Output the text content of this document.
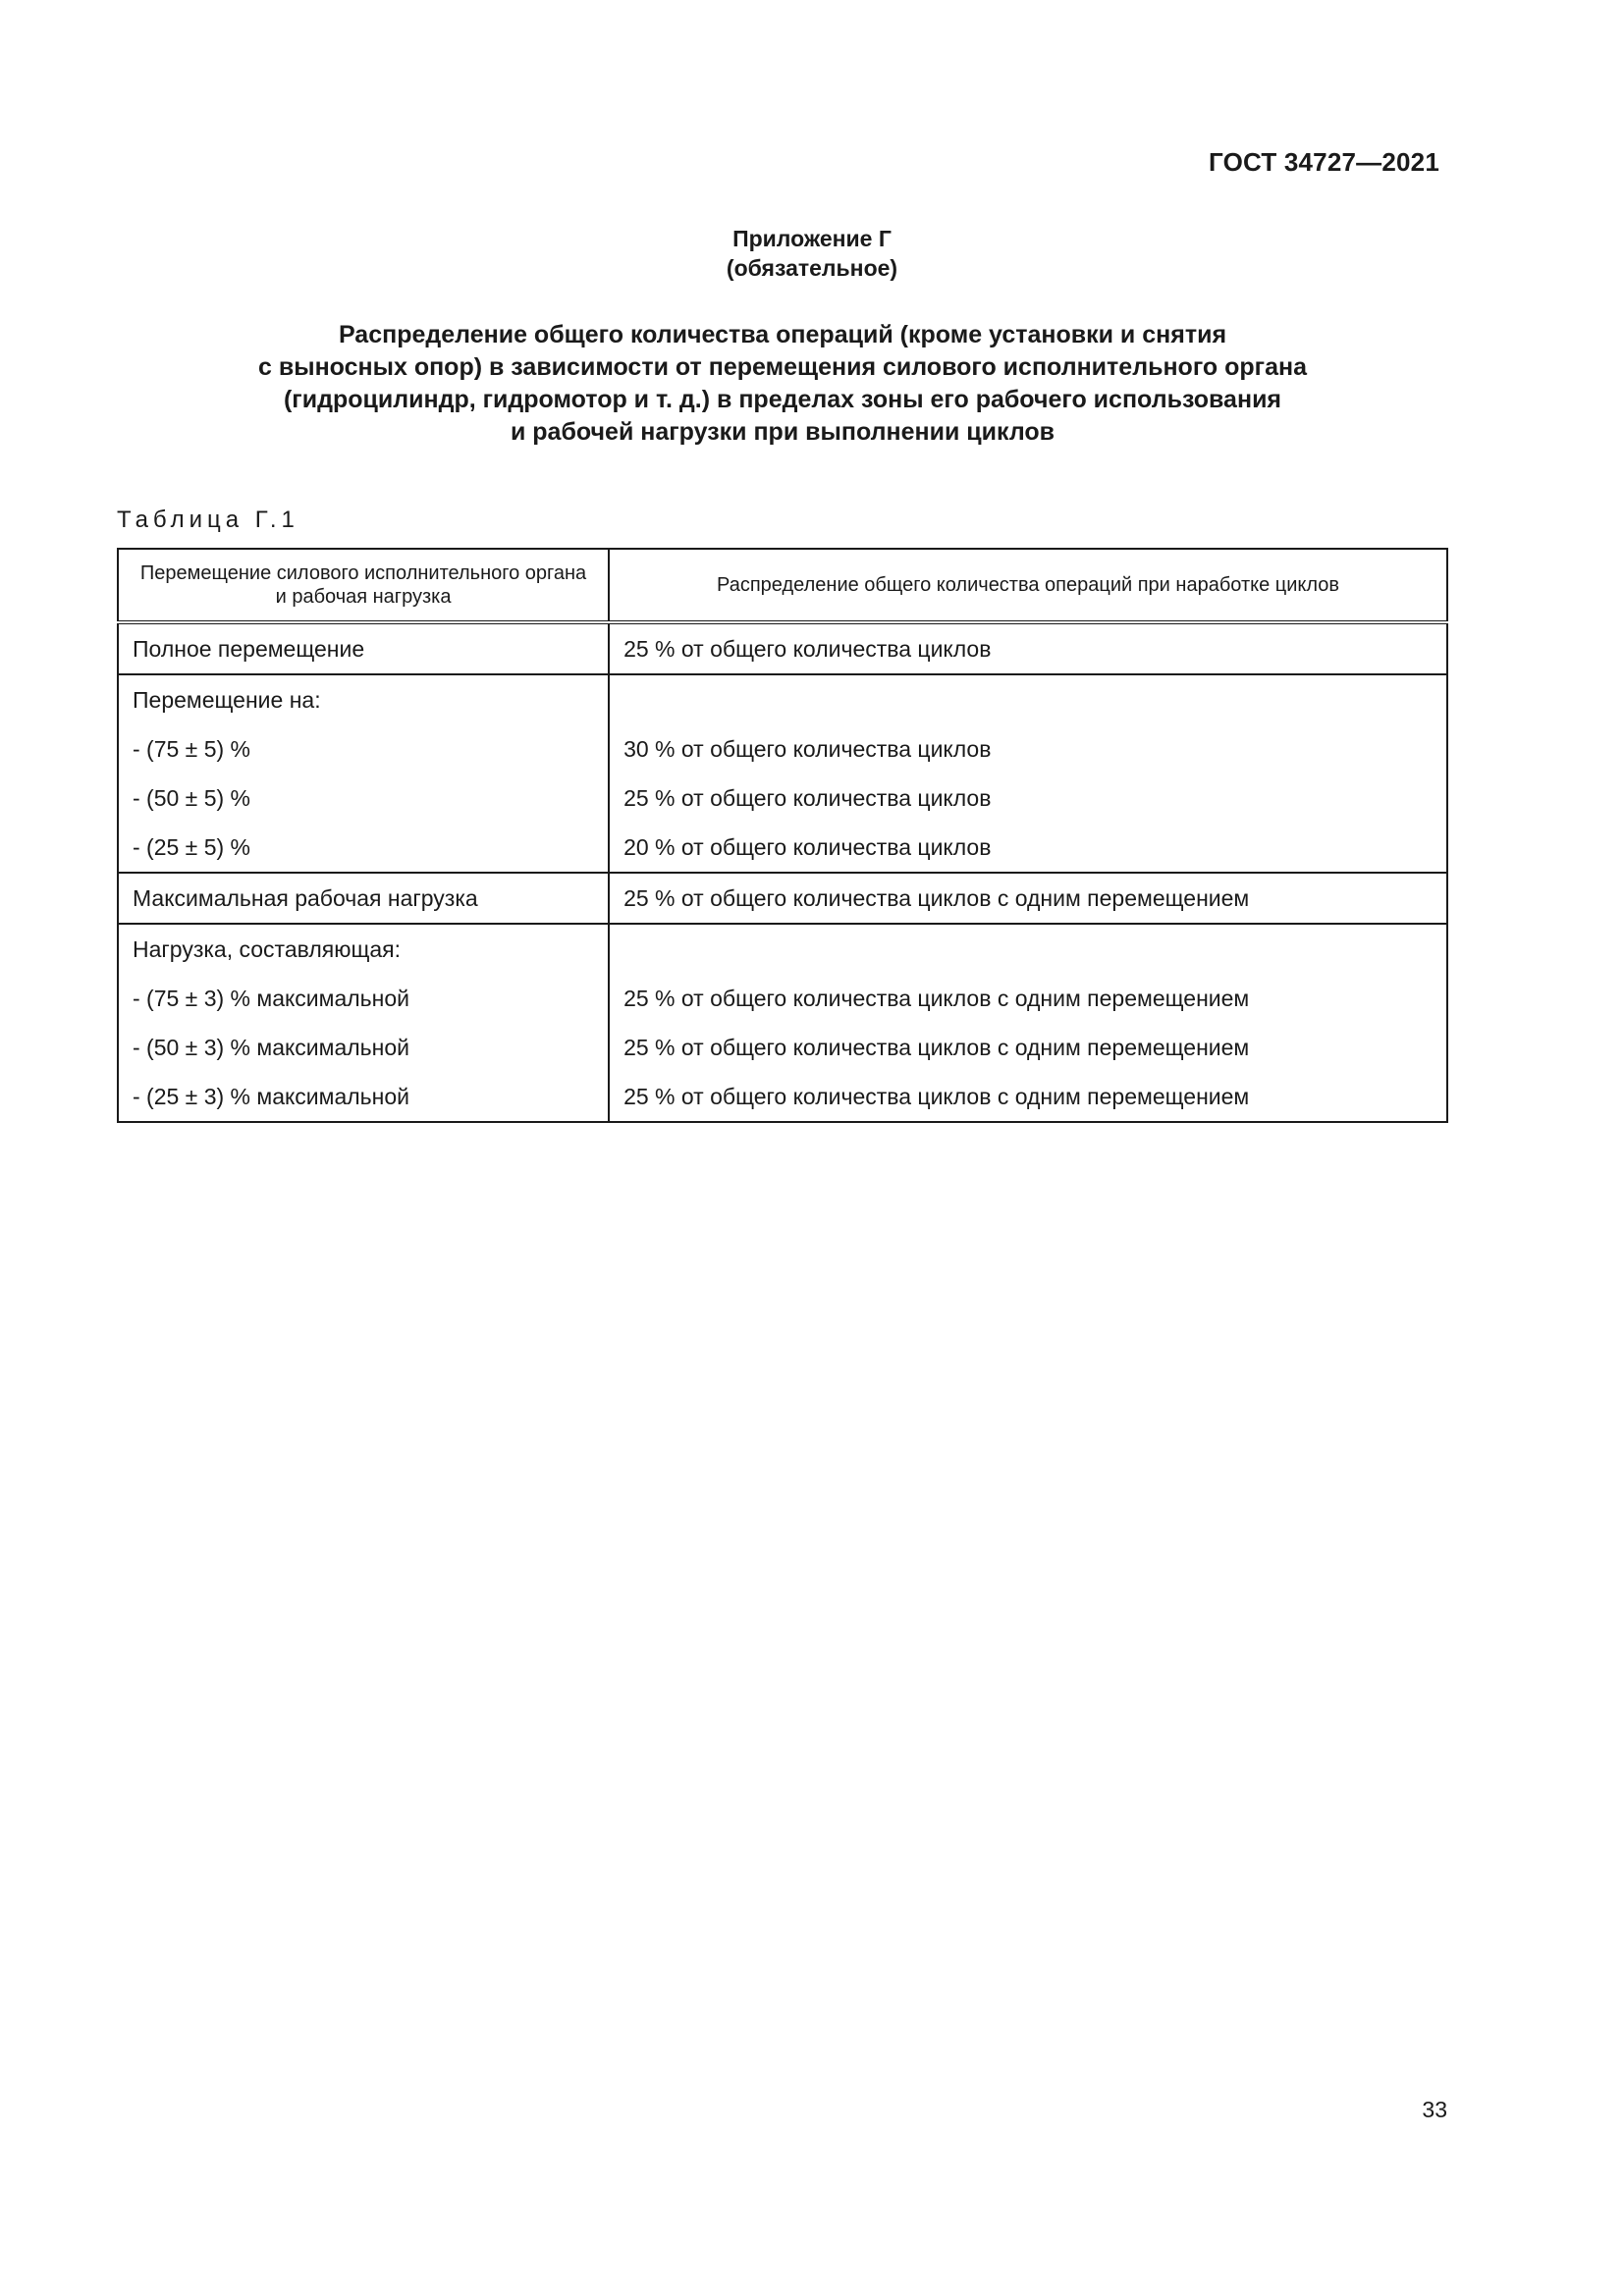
ГОСТ 34727—2021
Приложение Г
(обязательное)
Распределение общего количества операций (кроме установки и снятия
с выносных опор) в зависимости от перемещения силового исполнительного органа
(гидроцилиндр, гидромотор и т. д.) в пределах зоны его рабочего использования
и рабочей нагрузки при выполнении циклов
Таблица Г.1
Перемещение силового исполнительного органа и рабочая нагрузка	Распределение общего количества операций при наработке циклов
Полное перемещение	25 % от общего количества циклов
Перемещение на:	
- (75 ± 5) %	30 % от общего количества циклов
- (50 ± 5) %	25 % от общего количества циклов
- (25 ± 5) %	20 % от общего количества циклов
Максимальная рабочая нагрузка	25 % от общего количества циклов с одним перемещением
Нагрузка, составляющая:	
- (75 ± 3) % максимальной	25 % от общего количества циклов с одним перемещением
- (50 ± 3) % максимальной	25 % от общего количества циклов с одним перемещением
- (25 ± 3) % максимальной	25 % от общего количества циклов с одним перемещением
33
